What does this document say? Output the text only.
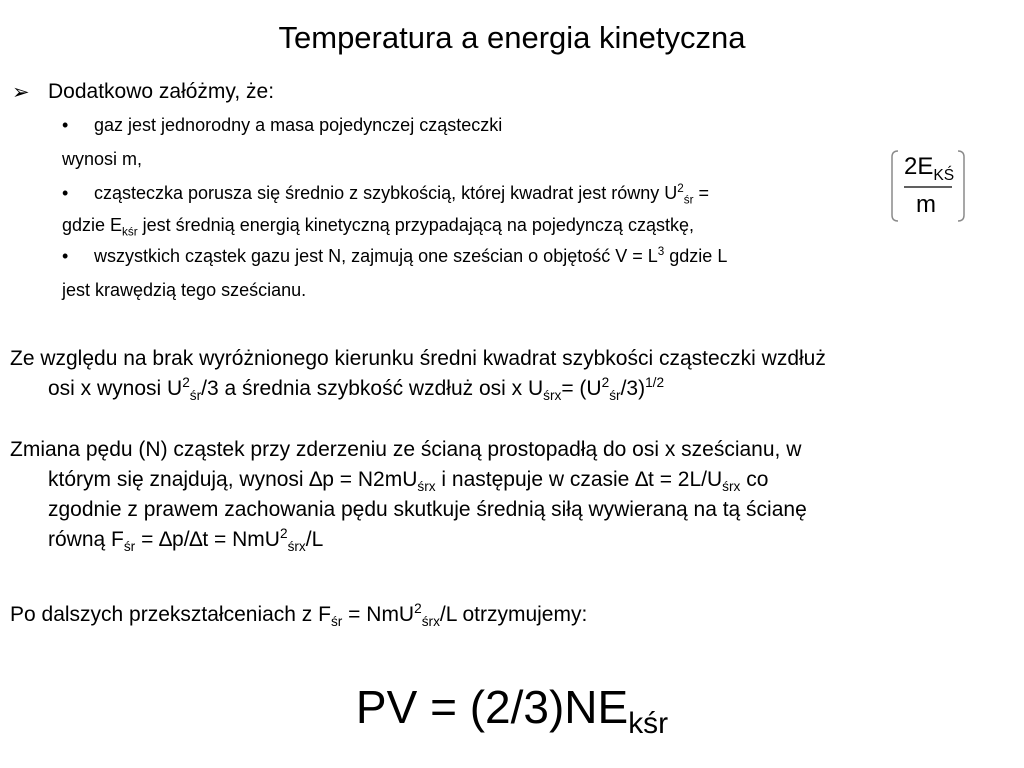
Temperatura a energia kinetyczna
➢ Dodatkowo załóżmy, że:
• gaz jest jednorodny a masa pojedynczej cząsteczki
wynosi m,
• cząsteczka porusza się średnio z szybkością, której kwadrat jest równy $U^2_{śr}$ =
gdzie $E_{kśr}$ jest średnią energią kinetyczną przypadającą na pojedynczą cząstkę,
$2E_{KŚ}$
m
• wszystkich cząstek gazu jest N, zajmują one sześcian o objętość $V = L^3$ gdzie L
jest krawędzią tego sześcianu.
Ze względu na brak wyróżnionego kierunku średni kwadrat szybkości cząsteczki wzdłuż
osi x wynosi $U^2_{śr}/3$ a średnia szybkość wzdłuż osi x $U_{śrx}= (U^2_{śr}/3)^{1/2}$
Zmiana pędu (N) cząstek przy zderzeniu ze ścianą prostopadłą do osi x sześcianu, w
którym się znajdują, wynosi $\Delta p = N2mU_{śrx}$ i następuje w czasie $\Delta t = 2L/U_{śrx}$ co
zgodnie z prawem zachowania pędu skutkuje średnią siłą wywieraną na tą ścianę
równą $F_{śr} = \Delta p/\Delta t = NmU^2_{śrx}/L$
Po dalszych przekształceniach z $F_{śr} = NmU^2_{śrx}/L$ otrzymujemy:
PV = $(2/3)NE_{kśr}$
